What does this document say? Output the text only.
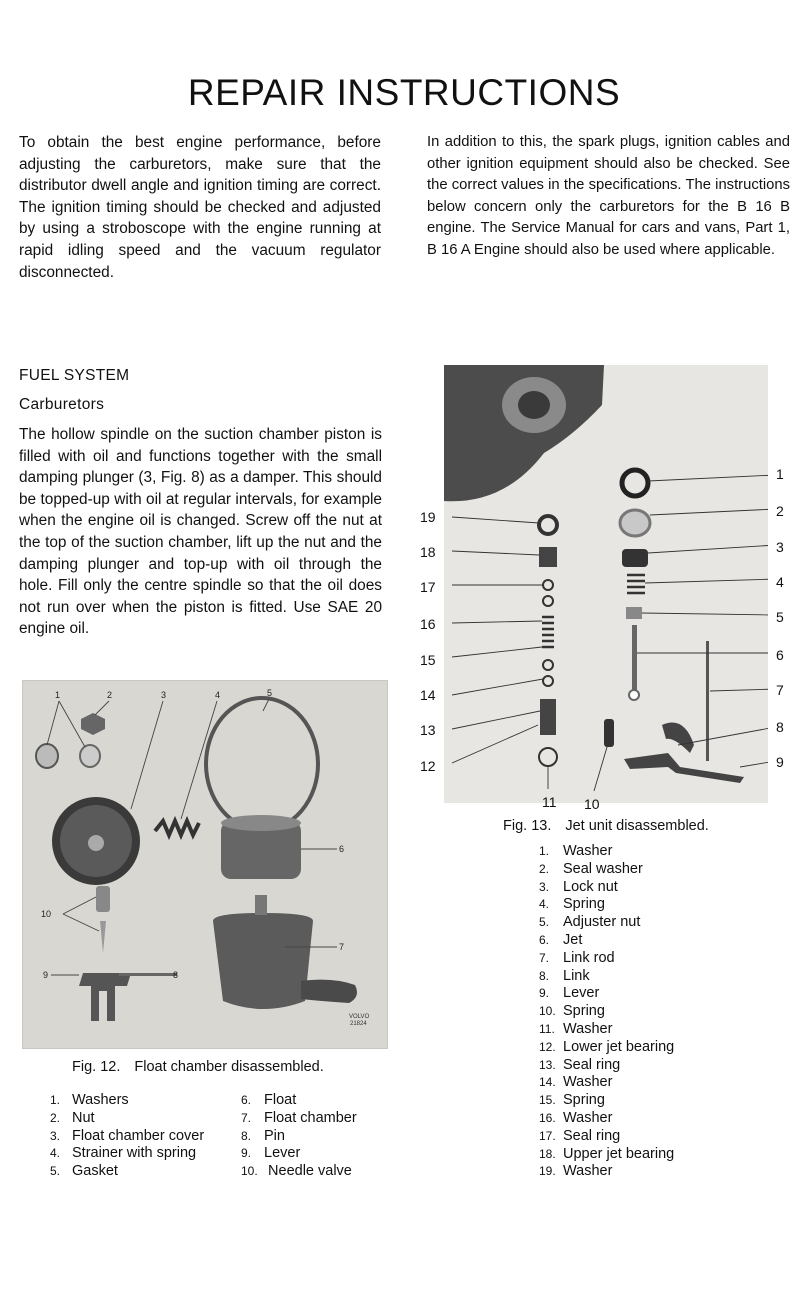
REPAIR INSTRUCTIONS

To obtain the best engine performance, before adjusting the carburetors, make sure that the distributor dwell angle and ignition timing are correct. The ignition timing should be checked and adjusted by using a stroboscope with the engine running at rapid idling speed and the vacuum regulator disconnected.

In addition to this, the spark plugs, ignition cables and other ignition equipment should also be checked. See the correct values in the specifications. The instructions below concern only the carburetors for the B 16 B engine. The Service Manual for cars and vans, Part 1, B 16 A Engine should also be used where applicable.

FUEL SYSTEM
Carburetors

The hollow spindle on the suction chamber piston is filled with oil and functions together with the small damping plunger (3, Fig. 8) as a damper. This should be topped-up with oil at regular intervals, for example when the engine oil is changed. Screw off the nut at the top of the suction chamber, lift up the nut and the damping plunger and top-up with oil through the hole. Fill only the centre spindle so that the oil does not run over when the piston is fitted. Use SAE 20 engine oil.

1	2	3	4	5
6
7
8
9
10
VOLVO
21824
1
2
3
4
5
6
7
8
9
10
11
12
13
14
15
16
17
18
19
Fig. 12. Float chamber disassembled.
Fig. 13. Jet unit disassembled.
1. Washers
2. Nut
3. Float chamber cover
4. Strainer with spring
5. Gasket
6. Float
7. Float chamber
8. Pin
9. Lever
10. Needle valve
1. Washer
2. Seal washer
3. Lock nut
4. Spring
5. Adjuster nut
6. Jet
7. Link rod
8. Link
9. Lever
10. Spring
11. Washer
12. Lower jet bearing
13. Seal ring
14. Washer
15. Spring
16. Washer
17. Seal ring
18. Upper jet bearing
19. Washer
